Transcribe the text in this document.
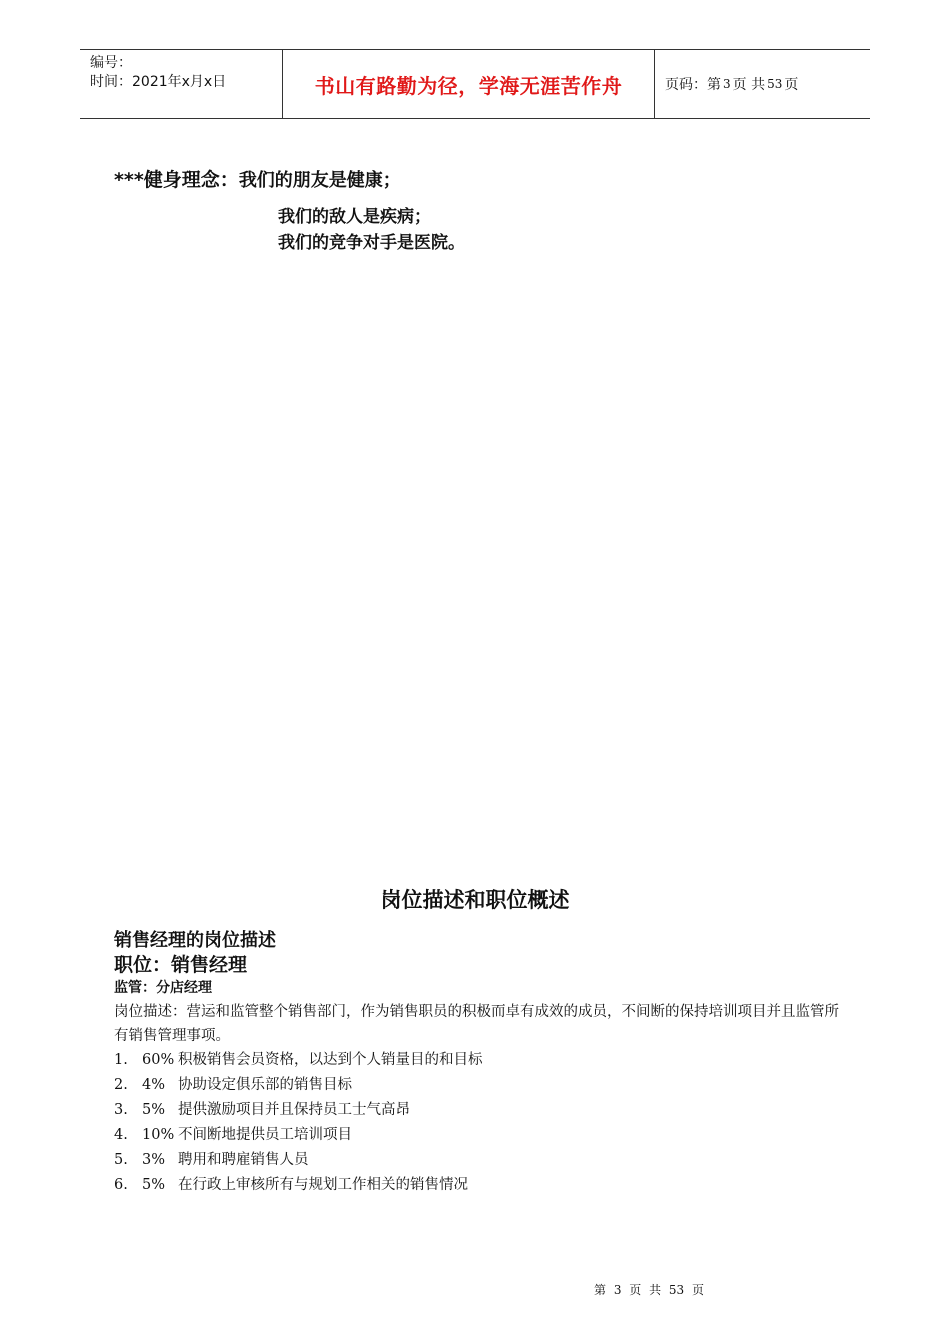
编号：
时间：2021年x月x日	书山有路勤为径，学海无涯苦作舟	页码：第 3 页 共 53 页
***健身理念：我们的朋友是健康；
我们的敌人是疾病；
我们的竞争对手是医院。
岗位描述和职位概述
销售经理的岗位描述
职位：销售经理
监管：分店经理
岗位描述：营运和监管整个销售部门，作为销售职员的积极而卓有成效的成员，不间断的保持培训项目并且监管所有销售管理事项。
1. 60% 积极销售会员资格，以达到个人销量目的和目标
2. 4% 协助设定俱乐部的销售目标
3. 5% 提供激励项目并且保持员工士气高昂
4. 10% 不间断地提供员工培训项目
5. 3% 聘用和聘雇销售人员
6. 5% 在行政上审核所有与规划工作相关的销售情况
第 3 页 共 53 页
